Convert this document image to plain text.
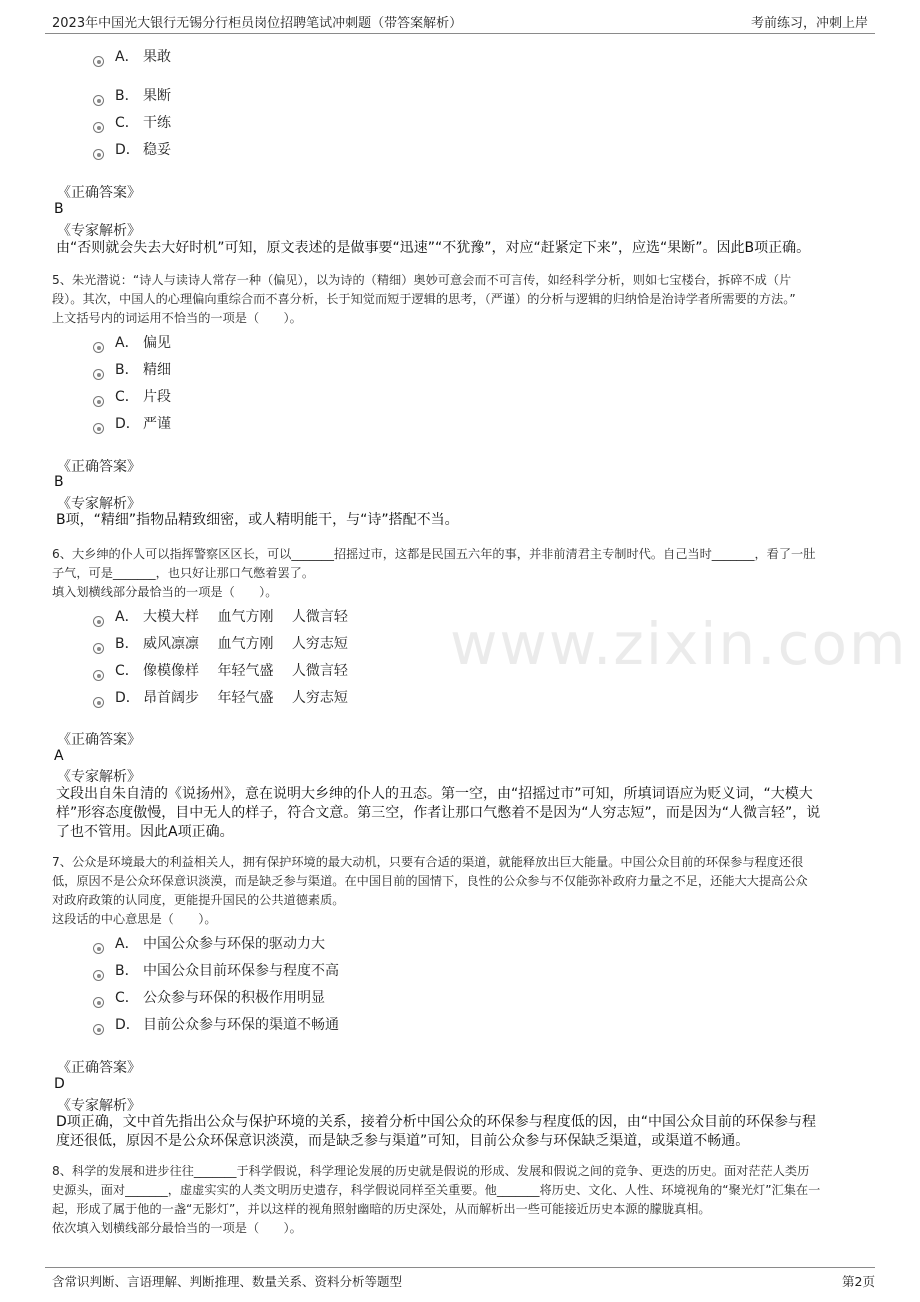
2023年中国光大银行无锡分行柜员岗位招聘笔试冲刺题（带答案解析）	考前练习，冲刺上岸
www.zixin.com
A． 果敢
B． 果断
C． 干练
D． 稳妥
《正确答案》
B
《专家解析》
由“否则就会失去大好时机”可知，原文表述的是做事要“迅速”“不犹豫”，对应“赶紧定下来”，应选“果断”。因此B项正确。
5、朱光潜说：“诗人与读诗人常存一种（偏见），以为诗的（精细）奥妙可意会而不可言传，如经科学分析，则如七宝楼台，拆碎不成（片
段）。其次，中国人的心理偏向重综合而不喜分析，长于知觉而短于逻辑的思考，（严谨）的分析与逻辑的归纳恰是治诗学者所需要的方法。”
上文括号内的词运用不恰当的一项是（　　）。
A． 偏见
B． 精细
C． 片段
D． 严谨
《正确答案》
B
《专家解析》
B项，“精细”指物品精致细密，或人精明能干，与“诗”搭配不当。
6、大乡绅的仆人可以指挥警察区区长，可以_______招摇过市，这都是民国五六年的事，并非前清君主专制时代。自己当时_______，看了一肚
子气，可是_______，也只好让那口气憋着罢了。
填入划横线部分最恰当的一项是（　　）。
A． 大模大样　 血气方刚　 人微言轻
B． 威风凛凛　 血气方刚　 人穷志短
C． 像模像样　 年轻气盛　 人微言轻
D． 昂首阔步　 年轻气盛　 人穷志短
《正确答案》
A
《专家解析》
文段出自朱自清的《说扬州》，意在说明大乡绅的仆人的丑态。第一空，由“招摇过市”可知，所填词语应为贬义词，“大模大
样”形容态度傲慢，目中无人的样子，符合文意。第三空，作者让那口气憋着不是因为“人穷志短”，而是因为“人微言轻”，说
了也不管用。因此A项正确。
7、公众是环境最大的利益相关人，拥有保护环境的最大动机，只要有合适的渠道，就能释放出巨大能量。中国公众目前的环保参与程度还很
低，原因不是公众环保意识淡漠，而是缺乏参与渠道。在中国目前的国情下，良性的公众参与不仅能弥补政府力量之不足，还能大大提高公众
对政府政策的认同度，更能提升国民的公共道德素质。
这段话的中心意思是（　　）。
A． 中国公众参与环保的驱动力大
B． 中国公众目前环保参与程度不高
C． 公众参与环保的积极作用明显
D． 目前公众参与环保的渠道不畅通
《正确答案》
D
《专家解析》
D项正确，文中首先指出公众与保护环境的关系，接着分析中国公众的环保参与程度低的因，由“中国公众目前的环保参与程
度还很低，原因不是公众环保意识淡漠，而是缺乏参与渠道”可知，目前公众参与环保缺乏渠道，或渠道不畅通。
8、科学的发展和进步往往_______于科学假说，科学理论发展的历史就是假说的形成、发展和假说之间的竞争、更迭的历史。面对茫茫人类历
史源头，面对_______，虚虚实实的人类文明历史遗存，科学假说同样至关重要。他_______将历史、文化、人性、环境视角的“聚光灯”汇集在一
起，形成了属于他的一盏“无影灯”，并以这样的视角照射幽暗的历史深处，从而解析出一些可能接近历史本源的朦胧真相。
依次填入划横线部分最恰当的一项是（　　）。
含常识判断、言语理解、判断推理、数量关系、资料分析等题型	第2页
